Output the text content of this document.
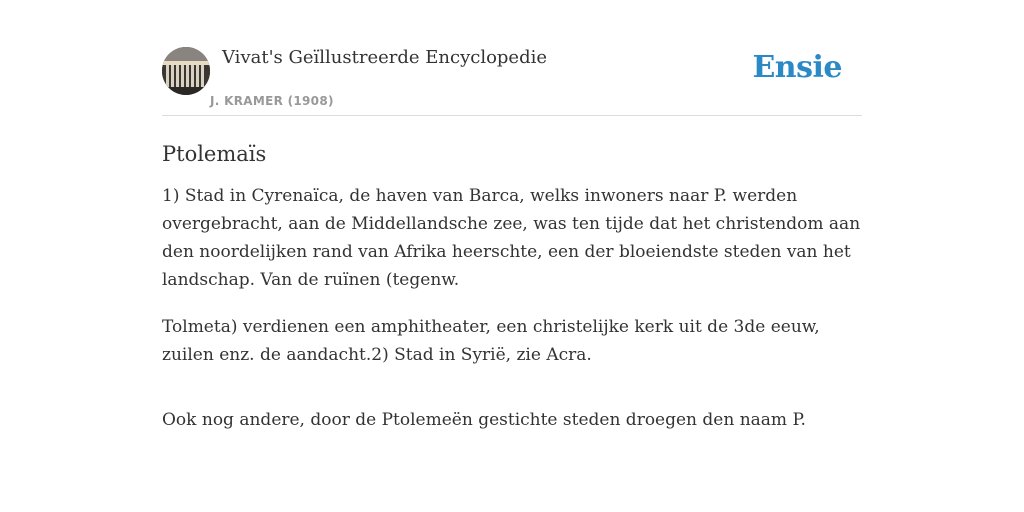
Vivat's Geïllustreerde Encyclopedie
J. KRAMER (1908)
Ensie
Ptolemaïs

1) Stad in Cyrenaïca, de haven van Barca, welks inwoners naar P. werden overgebracht, aan de Middellandsche zee, was ten tijde dat het christendom aan den noordelijken rand van Afrika heerschte, een der bloeiendste steden van het landschap. Van de ruïnen (tegenw.

Tolmeta) verdienen een amphitheater, een christelijke kerk uit de 3de eeuw, zuilen enz. de aandacht.2) Stad in Syrië, zie Acra.

Ook nog andere, door de Ptolemeën gestichte steden droegen den naam P.
